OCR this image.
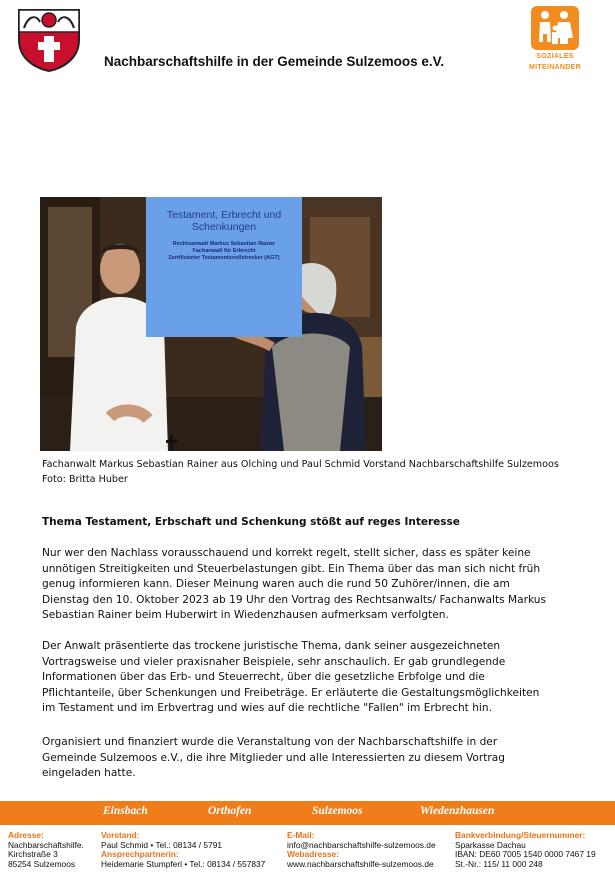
Nachbarschaftshilfe in der Gemeinde Sulzemoos e.V.	SOZIALES
MITEINANDER
Testament, Erbrecht und
Schenkungen
Rechtsanwalt Markus Sebastian Rainer
Fachanwalt für Erbrecht
Zertifizierter Testamentsvollstrecker (AGT)
Fachanwalt Markus Sebastian Rainer aus Olching und Paul Schmid Vorstand Nachbarschaftshilfe Sulzemoos
Foto: Britta Huber
Thema Testament, Erbschaft und Schenkung stößt auf reges Interesse
Nur wer den Nachlass vorausschauend und korrekt regelt, stellt sicher, dass es später keine
unnötigen Streitigkeiten und Steuerbelastungen gibt. Ein Thema über das man sich nicht früh
genug informieren kann. Dieser Meinung waren auch die rund 50 Zuhörer/innen, die am
Dienstag den 10. Oktober 2023 ab 19 Uhr den Vortrag des Rechtsanwalts/ Fachanwalts Markus
Sebastian Rainer beim Huberwirt in Wiedenzhausen aufmerksam verfolgten.
Der Anwalt präsentierte das trockene juristische Thema, dank seiner ausgezeichneten
Vortragsweise und vieler praxisnaher Beispiele, sehr anschaulich. Er gab grundlegende
Informationen über das Erb- und Steuerrecht, über die gesetzliche Erbfolge und die
Pflichtanteile, über Schenkungen und Freibeträge. Er erläuterte die Gestaltungsmöglichkeiten
im Testament und im Erbvertrag und wies auf die rechtliche "Fallen" im Erbrecht hin.
Organisiert und finanziert wurde die Veranstaltung von der Nachbarschaftshilfe in der
Gemeinde Sulzemoos e.V., die ihre Mitglieder und alle Interessierten zu diesem Vortrag
eingeladen hatte.
Einsbach	Orthofen	Sulzemoos	Wiedenzhausen
Adresse:
Nachbarschaftshilfe.
Kirchstraße 3
85254 Sulzemoos
Vorstand:
Paul Schmid • Tel.: 08134 / 5791
Ansprechpartnerin:
Heidemarie Stumpferl • Tel.: 08134 / 557837
E-Mail:
info@nachbarschaftshilfe-sulzemoos.de
Webadresse:
www.nachbarschaftshilfe-sulzemoos.de
Bankverbindung/Steuernummer:
Sparkasse Dachau
IBAN: DE60 7005 1540 0000 7467 19
St.-Nr.: 115/ 11 000 248
